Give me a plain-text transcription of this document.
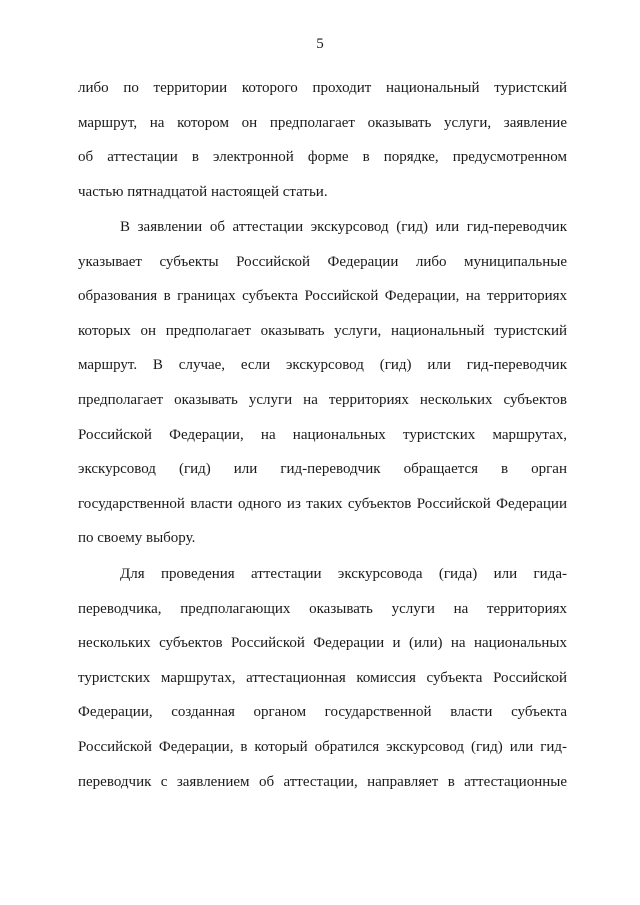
5
либо по территории которого проходит национальный туристский
маршрут, на котором он предполагает оказывать услуги, заявление
об аттестации в электронной форме в порядке, предусмотренном
частью пятнадцатой настоящей статьи.
В заявлении об аттестации экскурсовод (гид) или гид-переводчик
указывает субъекты Российской Федерации либо муниципальные
образования в границах субъекта Российской Федерации, на территориях
которых он предполагает оказывать услуги, национальный туристский
маршрут. В случае, если экскурсовод (гид) или гид-переводчик
предполагает оказывать услуги на территориях нескольких субъектов
Российской Федерации, на национальных туристских маршрутах,
экскурсовод (гид) или гид-переводчик обращается в орган
государственной власти одного из таких субъектов Российской Федерации
по своему выбору.
Для проведения аттестации экскурсовода (гида) или гида-
переводчика, предполагающих оказывать услуги на территориях
нескольких субъектов Российской Федерации и (или) на национальных
туристских маршрутах, аттестационная комиссия субъекта Российской
Федерации, созданная органом государственной власти субъекта
Российской Федерации, в который обратился экскурсовод (гид) или гид-
переводчик с заявлением об аттестации, направляет в аттестационные
